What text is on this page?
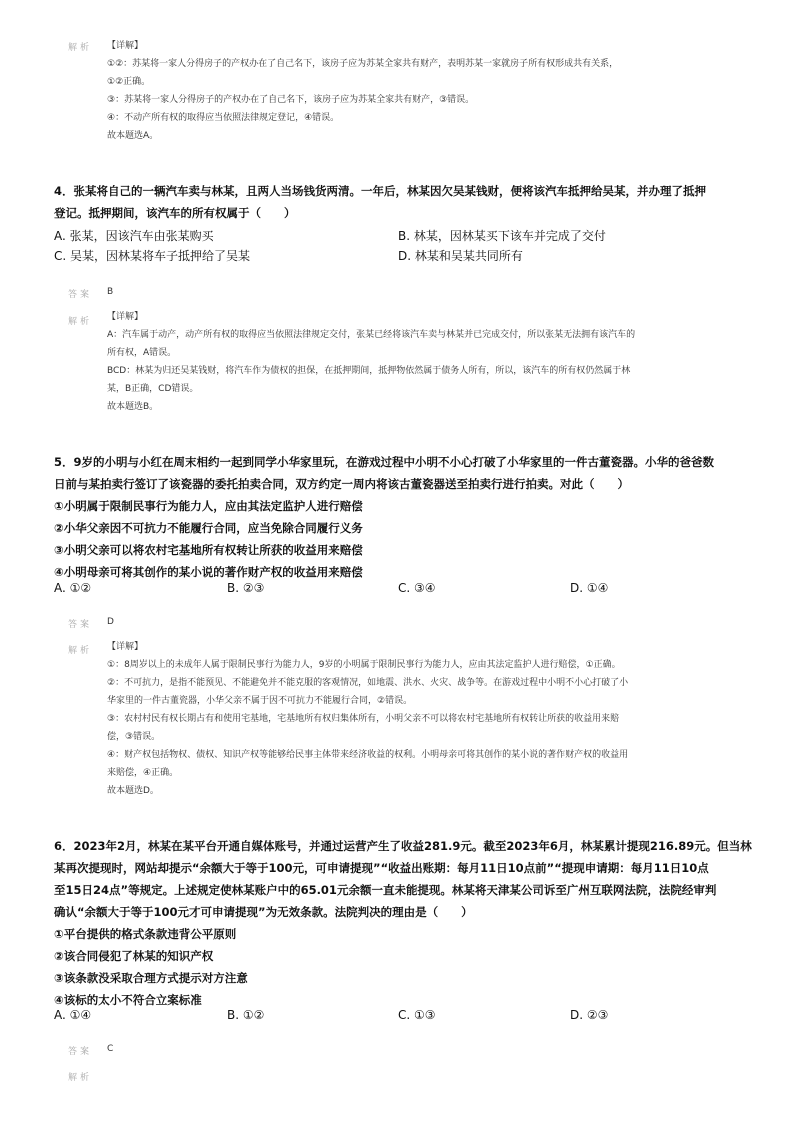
解析 【详解】
①②：苏某将一家人分得房子的产权办在了自己名下，该房子应为苏某全家共有财产，表明苏某一家就房子所有权形成共有关系，
①②正确。
③：苏某将一家人分得房子的产权办在了自己名下，该房子应为苏某全家共有财产，③错误。
④：不动产所有权的取得应当依照法律规定登记，④错误。
故本题选A。
4．张某将自己的一辆汽车卖与林某，且两人当场钱货两清。一年后，林某因欠吴某钱财，便将该汽车抵押给吴某，并办理了抵押
登记。抵押期间，该汽车的所有权属于（　　）
A. 张某，因该汽车由张某购买	B. 林某，因林某买下该车并完成了交付
C. 吴某，因林某将车子抵押给了吴某	D. 林某和吴某共同所有
答案 B
解析 【详解】
A：汽车属于动产，动产所有权的取得应当依照法律规定交付，张某已经将该汽车卖与林某并已完成交付，所以张某无法拥有该汽车的
所有权，A错误。
BCD：林某为归还吴某钱财，将汽车作为债权的担保，在抵押期间，抵押物依然属于债务人所有，所以，该汽车的所有权仍然属于林
某，B正确，CD错误。
故本题选B。
5．9岁的小明与小红在周末相约一起到同学小华家里玩，在游戏过程中小明不小心打破了小华家里的一件古董瓷器。小华的爸爸数
日前与某拍卖行签订了该瓷器的委托拍卖合同，双方约定一周内将该古董瓷器送至拍卖行进行拍卖。对此（　　）
①小明属于限制民事行为能力人，应由其法定监护人进行赔偿
②小华父亲因不可抗力不能履行合同，应当免除合同履行义务
③小明父亲可以将农村宅基地所有权转让所获的收益用来赔偿
④小明母亲可将其创作的某小说的著作财产权的收益用来赔偿
A. ①②	B. ②③	C. ③④	D. ①④
答案 D
解析 【详解】
①：8周岁以上的未成年人属于限制民事行为能力人，9岁的小明属于限制民事行为能力人，应由其法定监护人进行赔偿，①正确。
②：不可抗力，是指不能预见、不能避免并不能克服的客观情况，如地震、洪水、火灾、战争等。在游戏过程中小明不小心打破了小
华家里的一件古董瓷器，小华父亲不属于因不可抗力不能履行合同，②错误。
③：农村村民有权长期占有和使用宅基地，宅基地所有权归集体所有，小明父亲不可以将农村宅基地所有权转让所获的收益用来赔
偿，③错误。
④：财产权包括物权、债权、知识产权等能够给民事主体带来经济收益的权利。小明母亲可将其创作的某小说的著作财产权的收益用
来赔偿，④正确。
故本题选D。
6．2023年2月，林某在某平台开通自媒体账号，并通过运营产生了收益281.9元。截至2023年6月，林某累计提现216.89元。但当林
某再次提现时，网站却提示“余额大于等于100元，可申请提现”“收益出账期：每月11日10点前”“提现申请期：每月11日10点
至15日24点”等规定。上述规定使林某账户中的65.01元余额一直未能提现。林某将天津某公司诉至广州互联网法院，法院经审判
确认“余额大于等于100元才可申请提现”为无效条款。法院判决的理由是（　　）
①平台提供的格式条款违背公平原则
②该合同侵犯了林某的知识产权
③该条款没采取合理方式提示对方注意
④该标的太小不符合立案标准
A. ①④	B. ①②	C. ①③	D. ②③
答案 C
解析
